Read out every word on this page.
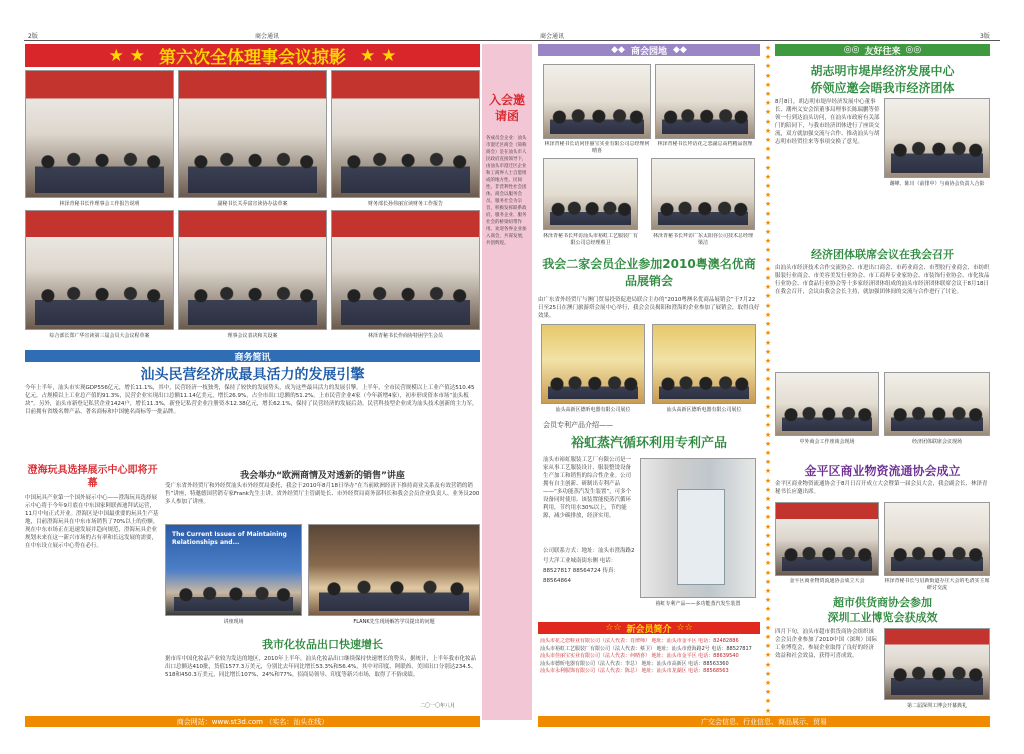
2版	商会通讯	商会通讯	3版
★ ★ 第六次全体理事会议掠影 ★ ★
林泽青秘书长作理事会工作报告说明	副秘书长关乔富宣读协办法草案	财务部长孙伟丽宣读财务工作报告
综合部长郑广华宣读第三届会员大会议程草案	理事会议表决和关设案	林泽青秘书长作商协特困学生会员
入会邀请函
各成员会企业：汕头市澄迁区商会（简称商会）是在汕头市人民政府直接领导下，由汕头市澄迁区企业和工商界人士自愿组成的地方性、民间性、非营利性社会团体。商会以服务会员、服务社会为宗旨，积极发挥联系政府、服务企业、服务社会的桥梁纽带作用。欢迎各界企业加入商会，共谋发展，共创辉煌。
商务简讯
汕头民营经济成最具活力的发展引擎
今年上半年，汕头市实现GDP556亿元，增长11.1%，其中，民营经济一枝独秀，保持了较快的发展势头，成为这些最具活力的发展引擎。上半年，全市民营规模以上工业产值达510.45亿元，占规模以上工业总产值的91.3%，民营企业实现出口总额11.14亿美元，增长26.9%，占全市出口总额的51.2%。上市民营企业4家（今年新增4家），初步形成资本市场“汕头板块”。另外，汕头市新登记私营企业1424户，增长11.3%，新登记私营企业注册资本12.38亿元，增长62.1%，保持了民营经济的发展后劲。民营科技型企业成为汕头技术创新的主力军，目前拥有省级名牌产品、著名商标和中国驰名商标等一批品牌。
澄海玩具选择展示中心即将开幕
中国玩具产业第一个国外展示中心——澄海玩具选择展示中心将于今年9月底在中东国家阿联酋迪拜试运营，11月中旬正式开业。澄海区是中国最重要的玩具生产基地，目前澄海玩具在中东市场销售了70%以上的份额。现在中东市场正在迅速发展并趋向规范，澄海玩具企业规划未来在这一新兴市场的占有率和长远发展的需要，在中东设立展示中心势在必行。
我会举办“欧洲商情及对透新的销售”讲座
受广东省外经贸厅和外经贸汕头市外经贸局委托，我会于2010年8月18日举办“在当前欧洲经济下推持商业关系及有效营销的销售”讲座，特邀德国营销专家Frank先生主讲。省外经贸厅主管副处长、市外经贸局商务部科长和我会会员企业负责人、业务员200多人参加了讲座。
The Current Issues of Maintaining Relationships and...
讲座现场	FLANK先生现场解答学员提出的问题
我市化妆品出口快速增长
据市库中国化妆品产业较为发达的地区，2010年上半年，汕头化妆品出口继续保持快速增长的势头，据统计，上半年我市化妆品出口总额达410批，货值1577.3万美元，分别比去年同比增长53.3%和56.4%，其中对印度、阿联酋、美国出口分别达234.5、518和450.3万美元，同比增长107%、24%和77%。招商局领导、印度等新兴市场，取得了不俗成绩。
二〇一〇年八月
商会网站：www.st3d.com （实名：汕头在线）
★
★
★
★
★
★
★
★
★
★
★
★
★
★
★
★
★
★
★
★
★
★
★
★
★
★
★
★
★
★
★
★
★
★
★
★
★
★
★
★
★
★
★
★
★
★
★
★
★
★
★
★
★
★
★
★
★
★
★
★
★
★
★
★
★
★
★
★
★
★
★
★
★
◆◆ 商会园地 ◆◆
林泽青秘书长访问佳丽宝实业有限公司总经理何晴喜
林泽青秘书长拜访花之恋副总高档精品馆理
林泽青秘书长拜访汕头市裕虹工艺服装厂有限公司总经理蔡卫
林泽青秘书长拜访广东太阳谷公司技术总经理梁洁
我会二家会员企业参加2010粤澳名优商品展销会
由广东省外经贸厅与澳门贸易投资促进局联合主办的“2010粤澳名优商品展销会”于7月22日至25日在澳门旅游塔会展中心举行，我会会员揭阳和澄海的企业参加了展销会，取得良好效果。
汕头高新区德昕电器有限公司展位	汕头高新区德昕电器有限公司展位
会员专利产品介绍——
裕虹蒸汽循环利用专利产品
汕头市裕虹服装工艺厂有限公司是一家从事工艺服装设计、服装整烫设备生产加工和销售的综合性企业。公司拥有自主创新、研制出专利产品——“多功能蒸汽发生装置”，可多个设备同时使用。该装置能使蒸汽循环利用，节约用水30%以上，节约能源，减少碳排放，经济实用。
公司联系方式：地址：汕头市澄海路2号大洋工业城南街东侧 电话：88527817 88564724 传真：88564864
裕虹专利产品——多功能蒸汽发生装置
☆☆ 新会员简介 ☆☆
汕头市花之恋鞋业有限公司（法人代表：肖律师） 地址：汕头市金平区 电话：82482886
汕头市裕虹工艺服装厂有限公司（法人代表：蔡卫） 地址：汕头市澄海路2号 电话：88527817
汕头市佳丽宝实业有限公司（法人代表：何晴喜） 地址：汕头市金平区 电话：88639540
汕头市德昕电器有限公司（法人代表：李总） 地址：汕头市高新区 电话：88563360
汕头市永利服饰有限公司（法人代表：陈总） 地址：汕头市龙湖区 电话：88568563
◎◎ 友好往来 ◎◎
胡志明市堤岸经济发展中心
侨领应邀会晤我市经济团体
8月8日，胡志明市堤岸经济发展中心董事长、潮州义安会馆董事局理事长陈瑞鹏等侨领一行到达汕头访问，在汕头市政府有关部门的陪同下，与我市经济团体进行了座谈交流，双方就加强交流与合作、推动汕头与胡志明市经贸往来等事项交换了意见。
谢峰、陈川（前排中）与商协会负责人合影
经济团体联席会议在我会召开
由汕头市经济技术合作交流协会、市进出口商会、市药业商会、市塑胶行业商会、市纺织服装行业商会、市美容美发行业协会、市工商界专业家协会、市装饰行业协会、市化妆品行业协会、市食品行业协会等十多家经济团体组成的汕头市经济团体联席会议于8月18日在我会召开，会议由我会会长主持，就加强团体间的交流与合作进行了讨论。
中外商会工作座谈会现场	经济团体联席会议现场
金平区商业物资流通协会成立
金平区商业物资流通协会于8月日召开成立大会暨第一届会员大会，我会副会长、林泽青秘书长应邀出席。
金平区商业物资流通协会成立大会	林泽青秘书长与启新街道办庄大会的毛清实主席研讨交流
超市供货商协会参加
深圳工业博览会获成效
四月下旬，汕头市超市供货商协会组织该会会员企业参加了2010中国（深圳）国际工业博览会，参展企业取得了良好的经济效益和社会效益，获得可喜成效。
第二届深圳工博会开幕典礼
广交会信息、行业信息、商品展示、贸易
